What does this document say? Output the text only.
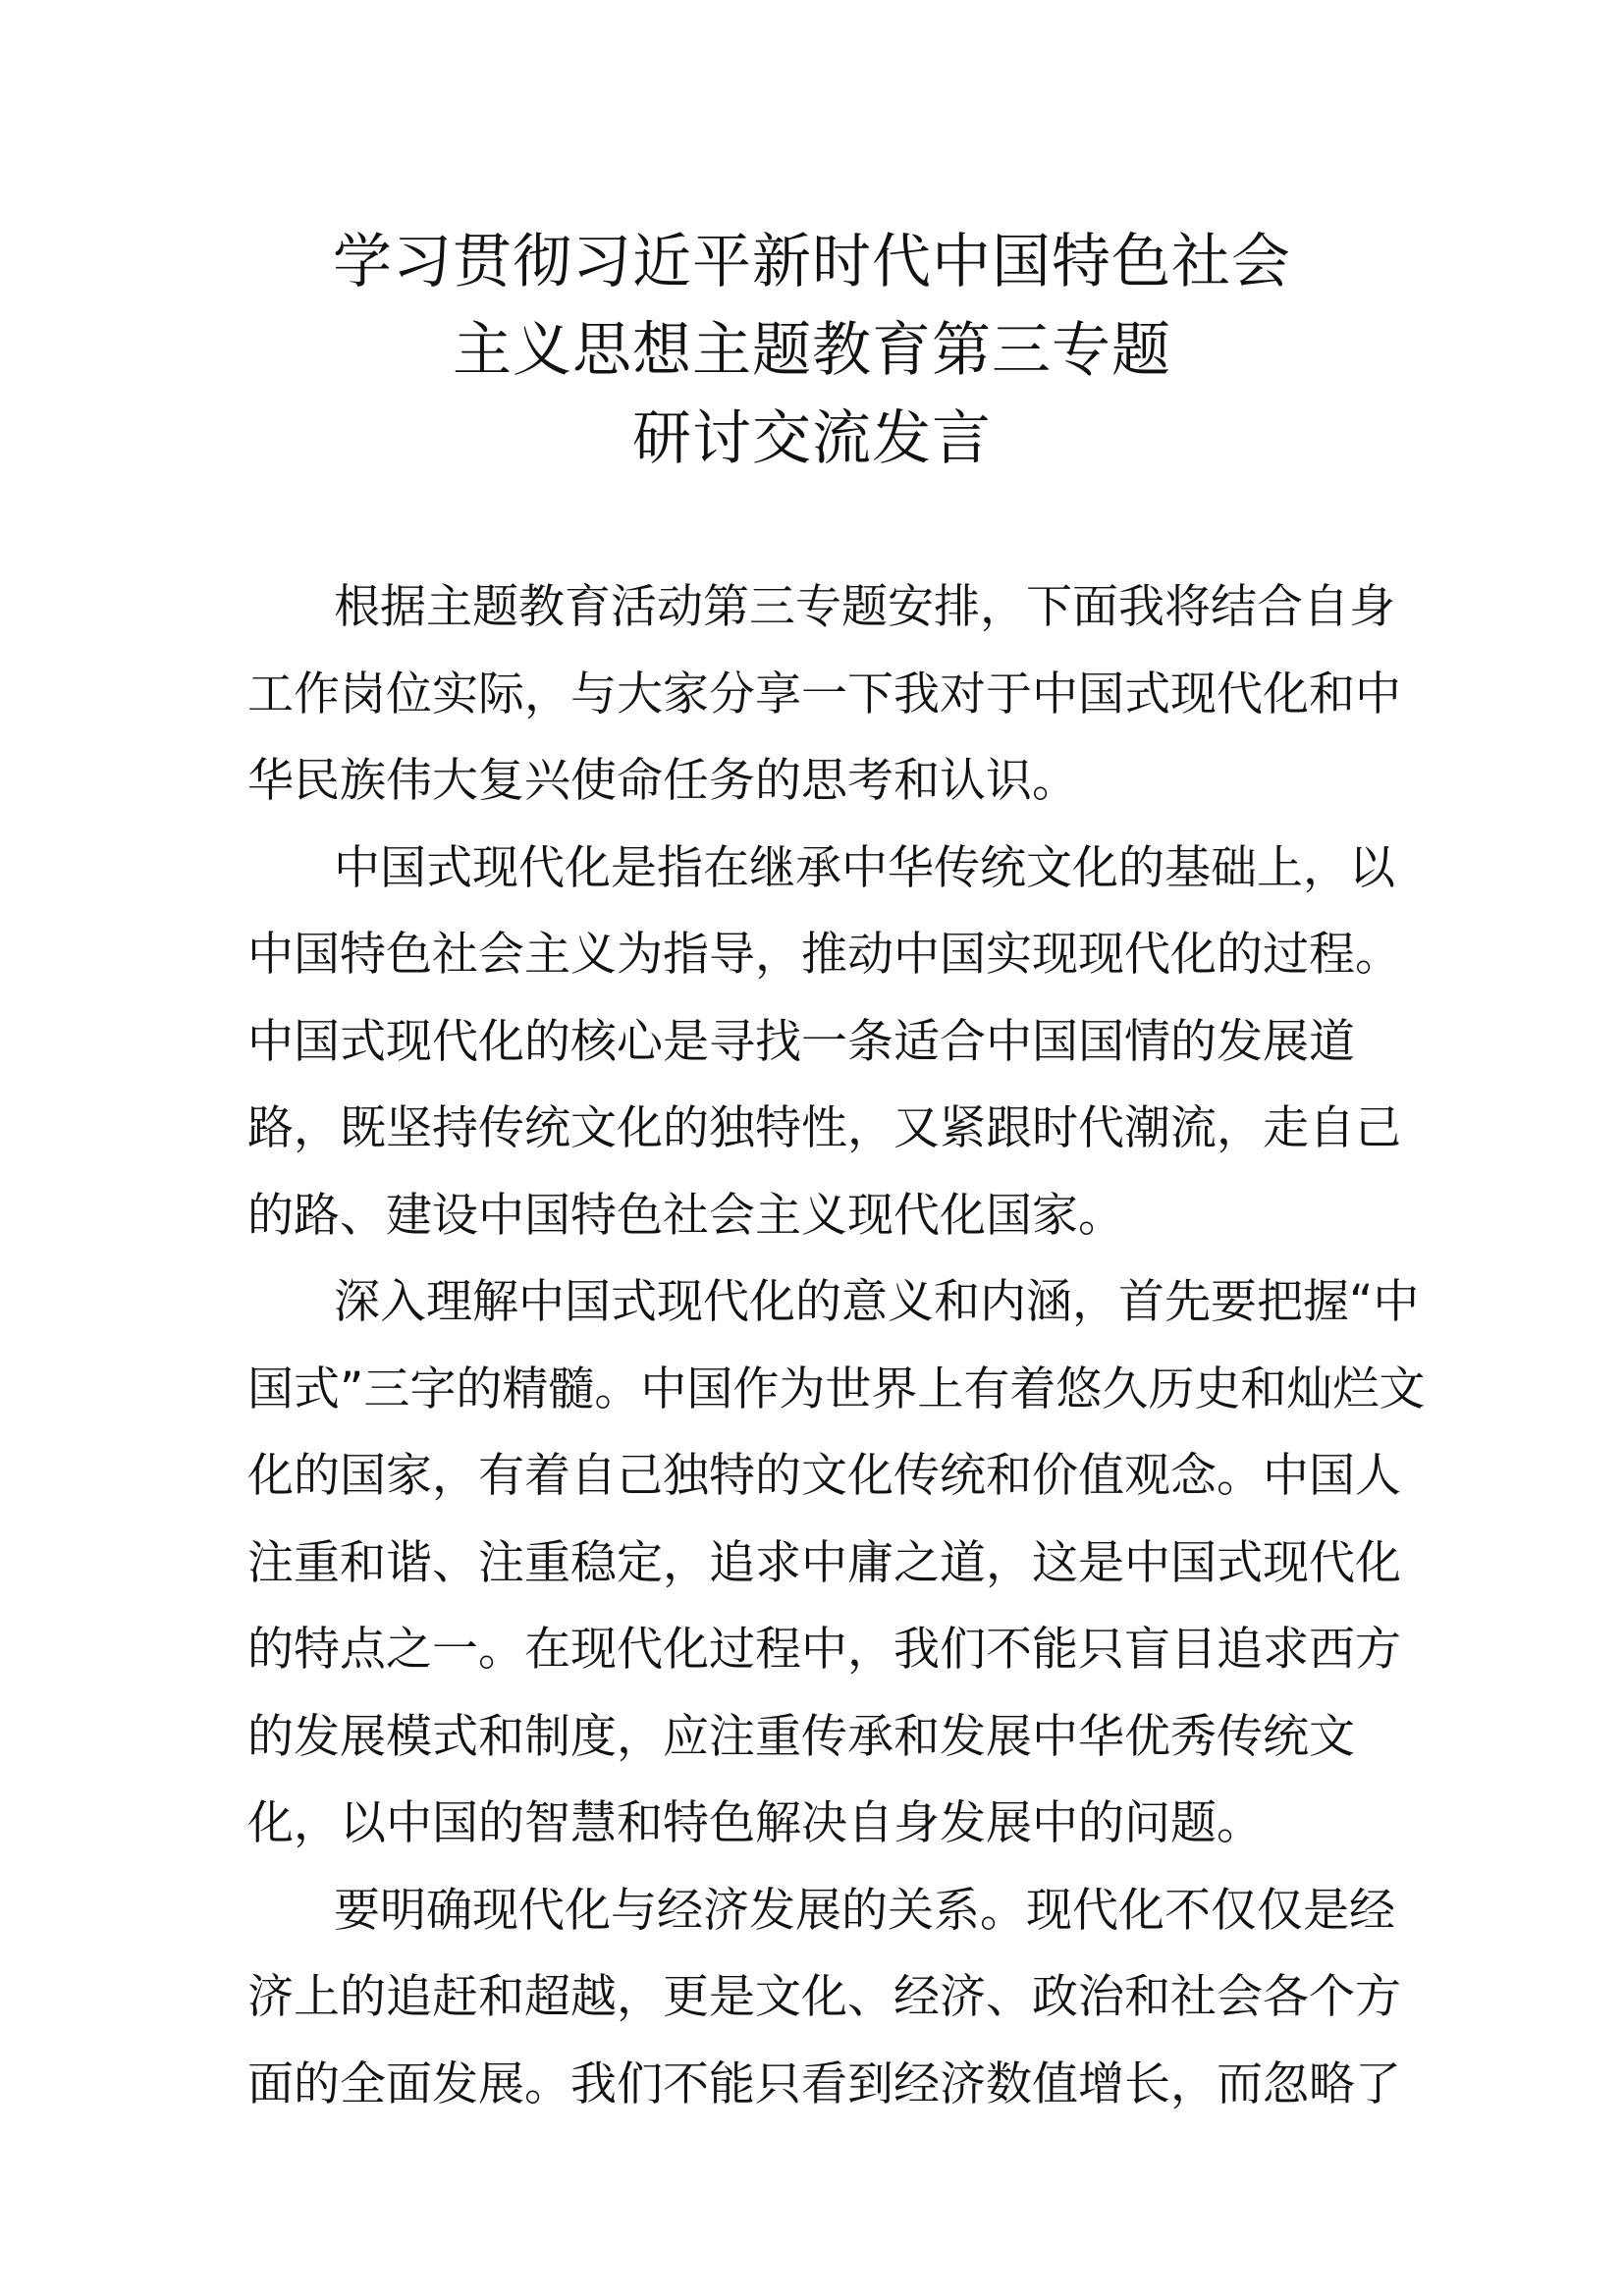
学习贯彻习近平新时代中国特色社会
主义思想主题教育第三专题
研讨交流发言
根据主题教育活动第三专题安排，下面我将结合自身
工作岗位实际，与大家分享一下我对于中国式现代化和中
华民族伟大复兴使命任务的思考和认识。
中国式现代化是指在继承中华传统文化的基础上，以
中国特色社会主义为指导，推动中国实现现代化的过程。
中国式现代化的核心是寻找一条适合中国国情的发展道
路，既坚持传统文化的独特性，又紧跟时代潮流，走自己
的路、建设中国特色社会主义现代化国家。
深入理解中国式现代化的意义和内涵，首先要把握“中
国式”三字的精髓。中国作为世界上有着悠久历史和灿烂文
化的国家，有着自己独特的文化传统和价值观念。中国人
注重和谐、注重稳定，追求中庸之道，这是中国式现代化
的特点之一。在现代化过程中，我们不能只盲目追求西方
的发展模式和制度，应注重传承和发展中华优秀传统文
化，以中国的智慧和特色解决自身发展中的问题。
要明确现代化与经济发展的关系。现代化不仅仅是经
济上的追赶和超越，更是文化、经济、政治和社会各个方
面的全面发展。我们不能只看到经济数值增长，而忽略了
